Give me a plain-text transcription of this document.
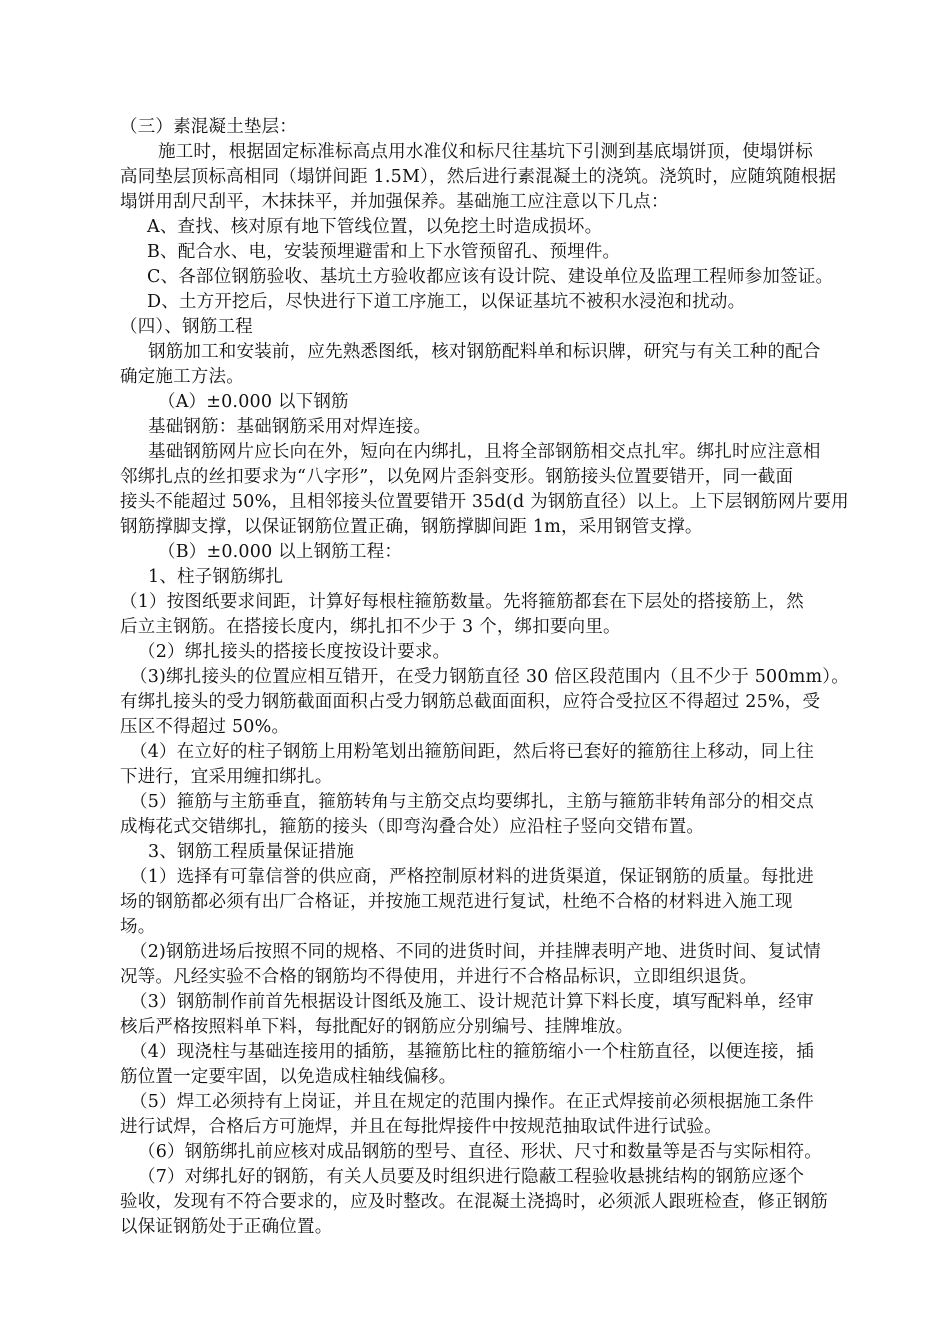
（三）素混凝土垫层：
施工时，根据固定标准标高点用水准仪和标尺往基坑下引测到基底塌饼顶，使塌饼标
高同垫层顶标高相同（塌饼间距 1.5M），然后进行素混凝土的浇筑。浇筑时，应随筑随根据
塌饼用刮尺刮平，木抹抹平，并加强保养。基础施工应注意以下几点：
A、查找、核对原有地下管线位置，以免挖土时造成损坏。
B、配合水、电，安装预埋避雷和上下水管预留孔、预埋件。
C、各部位钢筋验收、基坑土方验收都应该有设计院、建设单位及监理工程师参加签证。
D、土方开挖后，尽快进行下道工序施工，以保证基坑不被积水浸泡和扰动。
（四）、钢筋工程
钢筋加工和安装前，应先熟悉图纸，核对钢筋配料单和标识牌，研究与有关工种的配合
确定施工方法。
（A）±0.000 以下钢筋
基础钢筋：基础钢筋采用对焊连接。
基础钢筋网片应长向在外，短向在内绑扎，且将全部钢筋相交点扎牢。绑扎时应注意相
邻绑扎点的丝扣要求为“八字形”，以免网片歪斜变形。钢筋接头位置要错开，同一截面
接头不能超过 50%，且相邻接头位置要错开 35d(d 为钢筋直径）以上。上下层钢筋网片要用
钢筋撑脚支撑，以保证钢筋位置正确，钢筋撑脚间距 1m，采用钢管支撑。
（B）±0.000 以上钢筋工程：
1、柱子钢筋绑扎
（1）按图纸要求间距，计算好每根柱箍筋数量。先将箍筋都套在下层处的搭接筋上，然
后立主钢筋。在搭接长度内，绑扎扣不少于 3 个，绑扣要向里。
（2）绑扎接头的搭接长度按设计要求。
（3)绑扎接头的位置应相互错开，在受力钢筋直径 30 倍区段范围内（且不少于 500mm）。
有绑扎接头的受力钢筋截面面积占受力钢筋总截面面积，应符合受拉区不得超过 25%，受
压区不得超过 50%。
（4）在立好的柱子钢筋上用粉笔划出箍筋间距，然后将已套好的箍筋往上移动，同上往
下进行，宜采用缠扣绑扎。
（5）箍筋与主筋垂直，箍筋转角与主筋交点均要绑扎，主筋与箍筋非转角部分的相交点
成梅花式交错绑扎，箍筋的接头（即弯沟叠合处）应沿柱子竖向交错布置。
3、钢筋工程质量保证措施
（1）选择有可靠信誉的供应商，严格控制原材料的进货渠道，保证钢筋的质量。每批进
场的钢筋都必须有出厂合格证，并按施工规范进行复试，杜绝不合格的材料进入施工现
场。
（2)钢筋进场后按照不同的规格、不同的进货时间，并挂牌表明产地、进货时间、复试情
况等。凡经实验不合格的钢筋均不得使用，并进行不合格品标识，立即组织退货。
（3）钢筋制作前首先根据设计图纸及施工、设计规范计算下料长度，填写配料单，经审
核后严格按照料单下料，每批配好的钢筋应分别编号、挂牌堆放。
（4）现浇柱与基础连接用的插筋，基箍筋比柱的箍筋缩小一个柱筋直径，以便连接，插
筋位置一定要牢固，以免造成柱轴线偏移。
（5）焊工必须持有上岗证，并且在规定的范围内操作。在正式焊接前必须根据施工条件
进行试焊，合格后方可施焊，并且在每批焊接件中按规范抽取试件进行试验。
（6）钢筋绑扎前应核对成品钢筋的型号、直径、形状、尺寸和数量等是否与实际相符。
（7）对绑扎好的钢筋，有关人员要及时组织进行隐蔽工程验收悬挑结构的钢筋应逐个
验收，发现有不符合要求的，应及时整改。在混凝土浇捣时，必须派人跟班检查，修正钢筋
以保证钢筋处于正确位置。
